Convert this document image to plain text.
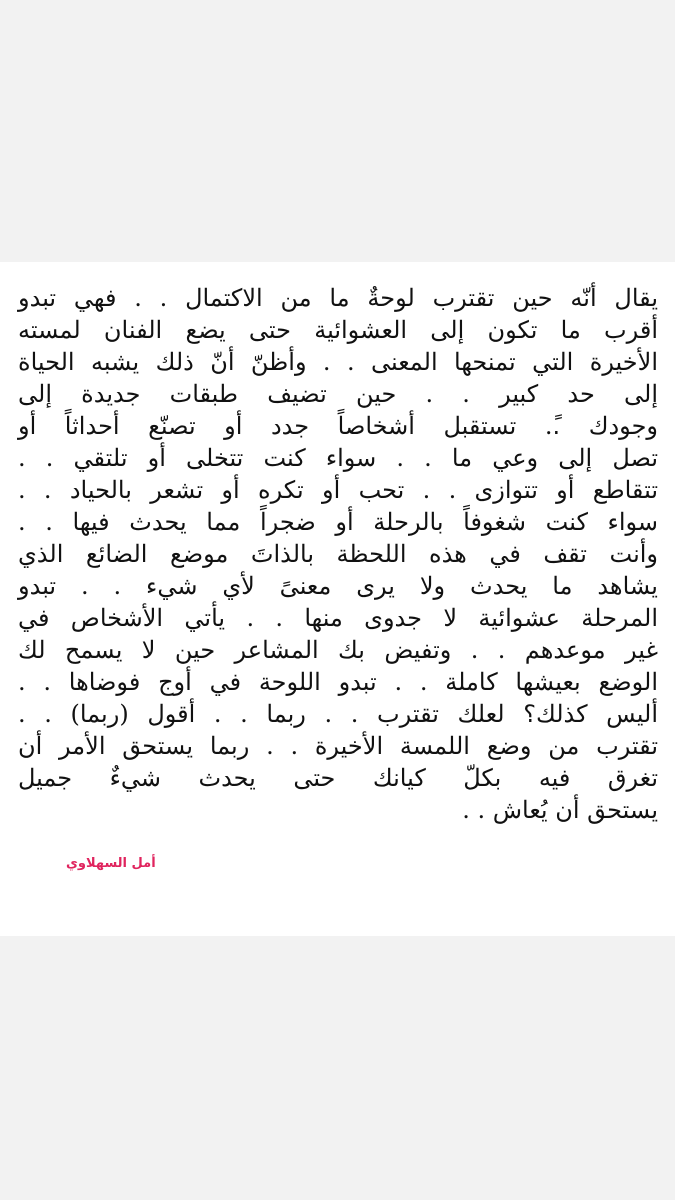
يقال أنّه حين تقترب لوحةٌ ما من الاكتمال . . فهي تبدو
أقرب ما تكون إلى العشوائية حتى يضع الفنان لمسته
الأخيرة التي تمنحها المعنى . . وأظنّ أنّ ذلك يشبه الحياة
إلى حد كبير . . حين تضيف طبقات جديدة إلى
وجودك .ً. تستقبل أشخاصاً جدد أو تصنّع أحداثاً أو
تصل إلى وعي ما . . سواء كنت تتخلى أو تلتقي . .
تتقاطع أو تتوازى . . تحب أو تكره أو تشعر بالحياد . .
سواء كنت شغوفاً بالرحلة أو ضجراً مما يحدث فيها . .
وأنت تقف في هذه اللحظة بالذاتَ موضع الضائع الذي
يشاهد ما يحدث ولا يرى معنىً لأي شيء . . تبدو
المرحلة عشوائية لا جدوى منها . . يأتي الأشخاص في
غير موعدهم . . وتفيض بك المشاعر حين لا يسمح لك
الوضع بعيشها كاملة . . تبدو اللوحة في أوج فوضاها . .
أليس كذلك؟ لعلك تقترب . . ربما . . أقول (ربما) . .
تقترب من وضع اللمسة الأخيرة . . ربما يستحق الأمر أن
تغرق فيه بكلّ كيانك حتى يحدث شيءٌ جميل
يستحق أن يُعاش . .
أمل السهلاوي
